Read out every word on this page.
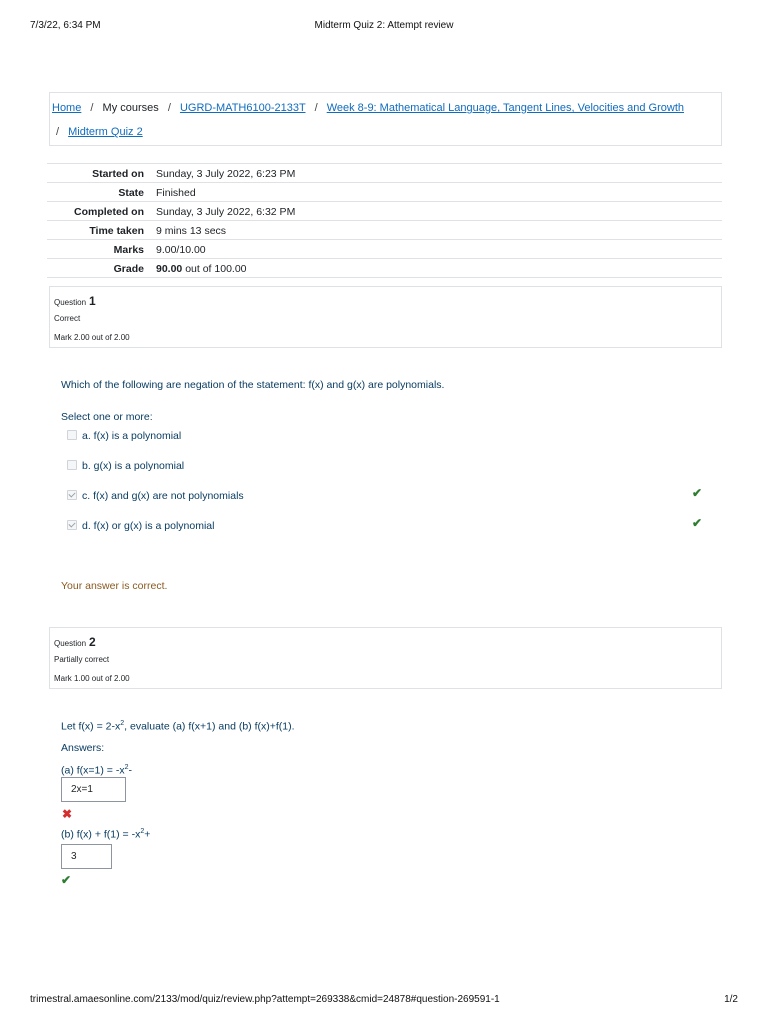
7/3/22, 6:34 PM	Midterm Quiz 2: Attempt review
Home / My courses / UGRD-MATH6100-2133T / Week 8-9: Mathematical Language, Tangent Lines, Velocities and Growth
/ Midterm Quiz 2
Started on Sunday, 3 July 2022, 6:23 PM
State Finished
Completed on Sunday, 3 July 2022, 6:32 PM
Time taken 9 mins 13 secs
Marks 9.00/10.00
Grade 90.00 out of 100.00
Question 1
Correct
Mark 2.00 out of 2.00
Which of the following are negation of the statement: f(x) and g(x) are polynomials.
Select one or more:
a. f(x) is a polynomial
b. g(x) is a polynomial
c. f(x) and g(x) are not polynomials	✔
d. f(x) or g(x) is a polynomial	✔
Your answer is correct.
Question 2
Partially correct
Mark 1.00 out of 2.00
Let $f(x) = 2-x^2$, evaluate (a) f(x+1) and (b) f(x)+f(1).
Answers:
(a) $f(x=1) = -x^2-$
2x=1
✖
(b) $f(x) + f(1) = -x^2+$
3
✔
trimestral.amaesonline.com/2133/mod/quiz/review.php?attempt=269338&cmid=24878#question-269591-1	1/2
